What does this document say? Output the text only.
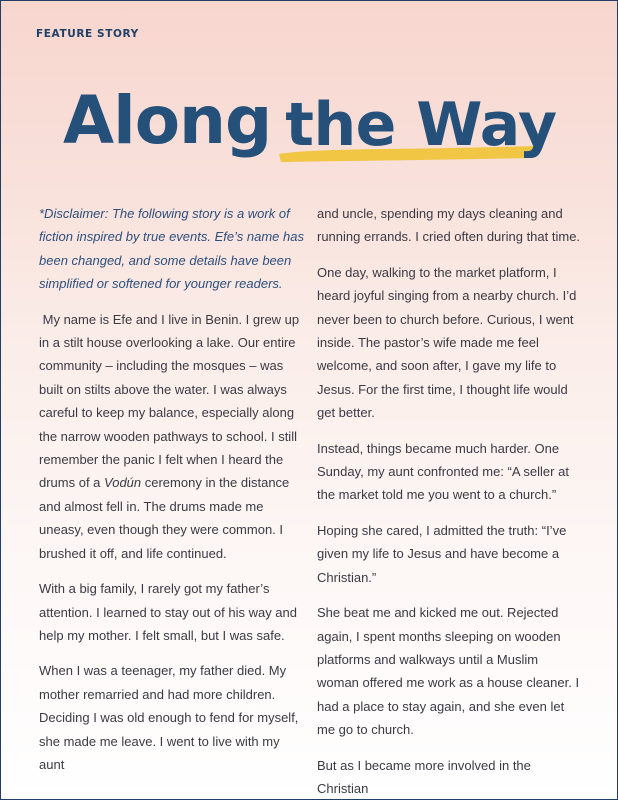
FEATURE STORY
Along the Way

*Disclaimer: The following story is a work of fiction inspired by true events. Efe’s name has been changed, and some details have been simplified or softened for younger readers.

My name is Efe and I live in Benin. I grew up in a stilt house overlooking a lake. Our entire community – including the mosques – was built on stilts above the water. I was always careful to keep my balance, especially along the narrow wooden pathways to school. I still remember the panic I felt when I heard the drums of a Vodún ceremony in the distance and almost fell in. The drums made me uneasy, even though they were common. I brushed it off, and life continued.

With a big family, I rarely got my father’s attention. I learned to stay out of his way and help my mother. I felt small, but I was safe.

When I was a teenager, my father died. My mother remarried and had more children. Deciding I was old enough to fend for myself, she made me leave. I went to live with my aunt

and uncle, spending my days cleaning and running errands. I cried often during that time.

One day, walking to the market platform, I heard joyful singing from a nearby church. I’d never been to church before. Curious, I went inside. The pastor’s wife made me feel welcome, and soon after, I gave my life to Jesus. For the first time, I thought life would get better.

Instead, things became much harder. One Sunday, my aunt confronted me: “A seller at the market told me you went to a church.”

Hoping she cared, I admitted the truth: “I’ve given my life to Jesus and have become a Christian.”

She beat me and kicked me out. Rejected again, I spent months sleeping on wooden platforms and walkways until a Muslim woman offered me work as a house cleaner. I had a place to stay again, and she even let me go to church.

But as I became more involved in the Christian
